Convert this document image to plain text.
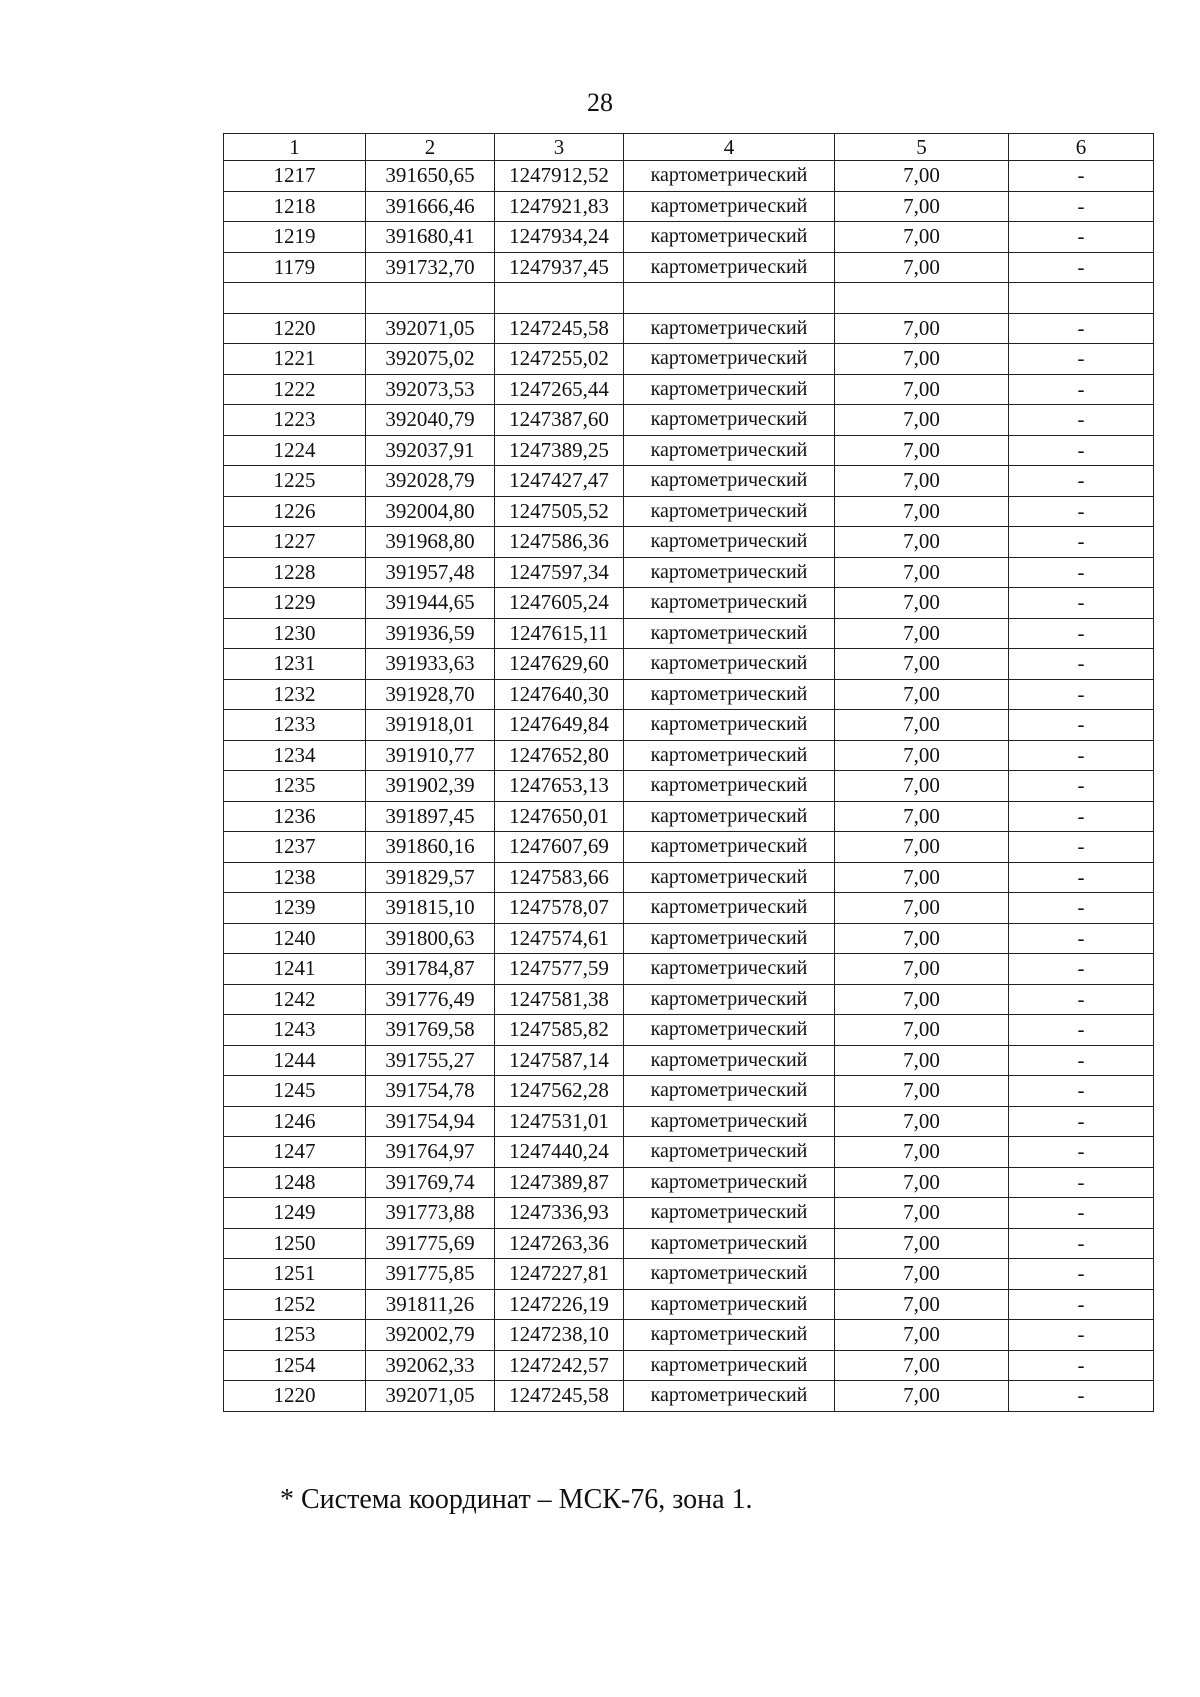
28
1	2	3	4	5	6
1217	391650,65	1247912,52	картометрический	7,00	-
1218	391666,46	1247921,83	картометрический	7,00	-
1219	391680,41	1247934,24	картометрический	7,00	-
1179	391732,70	1247937,45	картометрический	7,00	-

1220	392071,05	1247245,58	картометрический	7,00	-
1221	392075,02	1247255,02	картометрический	7,00	-
1222	392073,53	1247265,44	картометрический	7,00	-
1223	392040,79	1247387,60	картометрический	7,00	-
1224	392037,91	1247389,25	картометрический	7,00	-
1225	392028,79	1247427,47	картометрический	7,00	-
1226	392004,80	1247505,52	картометрический	7,00	-
1227	391968,80	1247586,36	картометрический	7,00	-
1228	391957,48	1247597,34	картометрический	7,00	-
1229	391944,65	1247605,24	картометрический	7,00	-
1230	391936,59	1247615,11	картометрический	7,00	-
1231	391933,63	1247629,60	картометрический	7,00	-
1232	391928,70	1247640,30	картометрический	7,00	-
1233	391918,01	1247649,84	картометрический	7,00	-
1234	391910,77	1247652,80	картометрический	7,00	-
1235	391902,39	1247653,13	картометрический	7,00	-
1236	391897,45	1247650,01	картометрический	7,00	-
1237	391860,16	1247607,69	картометрический	7,00	-
1238	391829,57	1247583,66	картометрический	7,00	-
1239	391815,10	1247578,07	картометрический	7,00	-
1240	391800,63	1247574,61	картометрический	7,00	-
1241	391784,87	1247577,59	картометрический	7,00	-
1242	391776,49	1247581,38	картометрический	7,00	-
1243	391769,58	1247585,82	картометрический	7,00	-
1244	391755,27	1247587,14	картометрический	7,00	-
1245	391754,78	1247562,28	картометрический	7,00	-
1246	391754,94	1247531,01	картометрический	7,00	-
1247	391764,97	1247440,24	картометрический	7,00	-
1248	391769,74	1247389,87	картометрический	7,00	-
1249	391773,88	1247336,93	картометрический	7,00	-
1250	391775,69	1247263,36	картометрический	7,00	-
1251	391775,85	1247227,81	картометрический	7,00	-
1252	391811,26	1247226,19	картометрический	7,00	-
1253	392002,79	1247238,10	картометрический	7,00	-
1254	392062,33	1247242,57	картометрический	7,00	-
1220	392071,05	1247245,58	картометрический	7,00	-
* Система координат – МСК-76, зона 1.
